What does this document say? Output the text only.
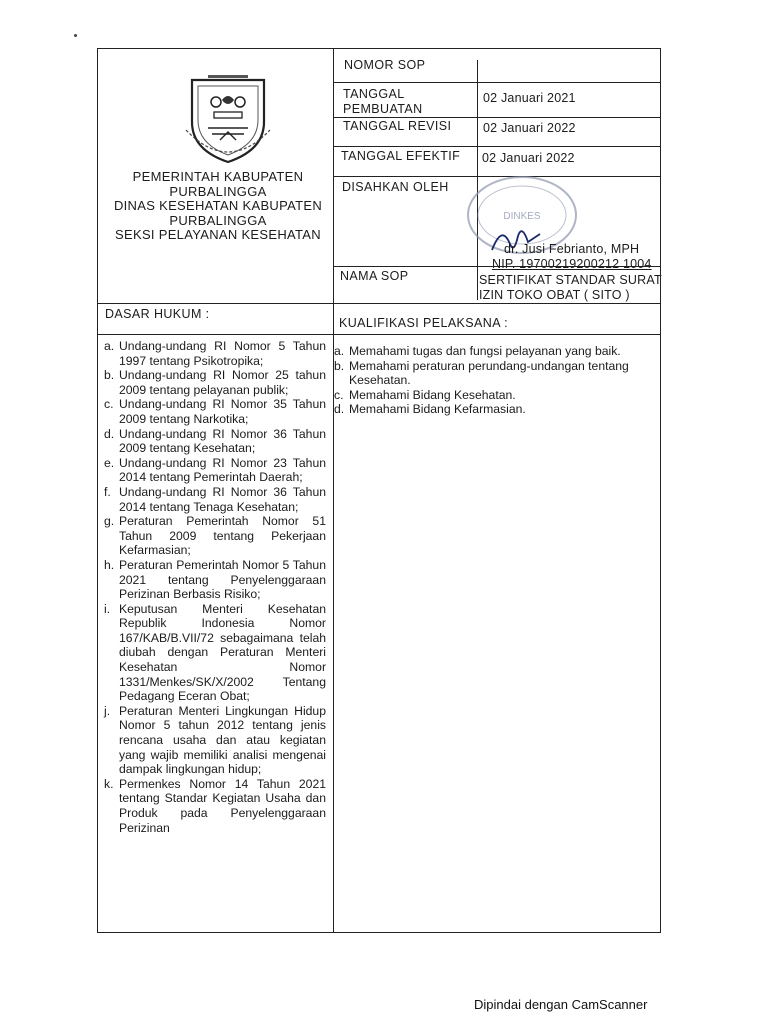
PEMERINTAH KABUPATEN
PURBALINGGA
DINAS KESEHATAN KABUPATEN
PURBALINGGA
SEKSI PELAYANAN KESEHATAN
NOMOR SOP
TANGGAL
PEMBUATAN
02 Januari 2021
TANGGAL REVISI	02 Januari 2022
TANGGAL EFEKTIF 02 Januari 2022
DISAHKAN OLEH
DINKES
dr. Jusi Febrianto, MPH
NIP. 19700219200212 1004
NAMA SOP	SERTIFIKAT STANDAR SURAT
IZIN TOKO OBAT ( SITO )
DASAR HUKUM :
KUALIFIKASI PELAKSANA :
a. Undang-undang RI Nomor 5 Tahun 1997 tentang Psikotropika;
b. Undang-undang RI Nomor 25 tahun 2009 tentang pelayanan publik;
c. Undang-undang RI Nomor 35 Tahun 2009 tentang Narkotika;
d. Undang-undang RI Nomor 36 Tahun 2009 tentang Kesehatan;
e. Undang-undang RI Nomor 23 Tahun 2014 tentang Pemerintah Daerah;
f. Undang-undang RI Nomor 36 Tahun 2014 tentang Tenaga Kesehatan;
g. Peraturan Pemerintah Nomor 51 Tahun 2009 tentang Pekerjaan Kefarmasian;
h. Peraturan Pemerintah Nomor 5 Tahun 2021 tentang Penyelenggaraan Perizinan Berbasis Risiko;
i. Keputusan Menteri Kesehatan Republik Indonesia Nomor 167/KAB/B.VII/72 sebagaimana telah diubah dengan Peraturan Menteri Kesehatan Nomor 1331/Menkes/SK/X/2002 Tentang Pedagang Eceran Obat;
j. Peraturan Menteri Lingkungan Hidup Nomor 5 tahun 2012 tentang jenis rencana usaha dan atau kegiatan yang wajib memiliki analisi mengenai dampak lingkungan hidup;
k. Permenkes Nomor 14 Tahun 2021 tentang Standar Kegiatan Usaha dan Produk pada Penyelenggaraan Perizinan
a. Memahami tugas dan fungsi pelayanan yang baik.
b. Memahami peraturan perundang-undangan tentang Kesehatan.
c. Memahami Bidang Kesehatan.
d. Memahami Bidang Kefarmasian.
Dipindai dengan CamScanner
